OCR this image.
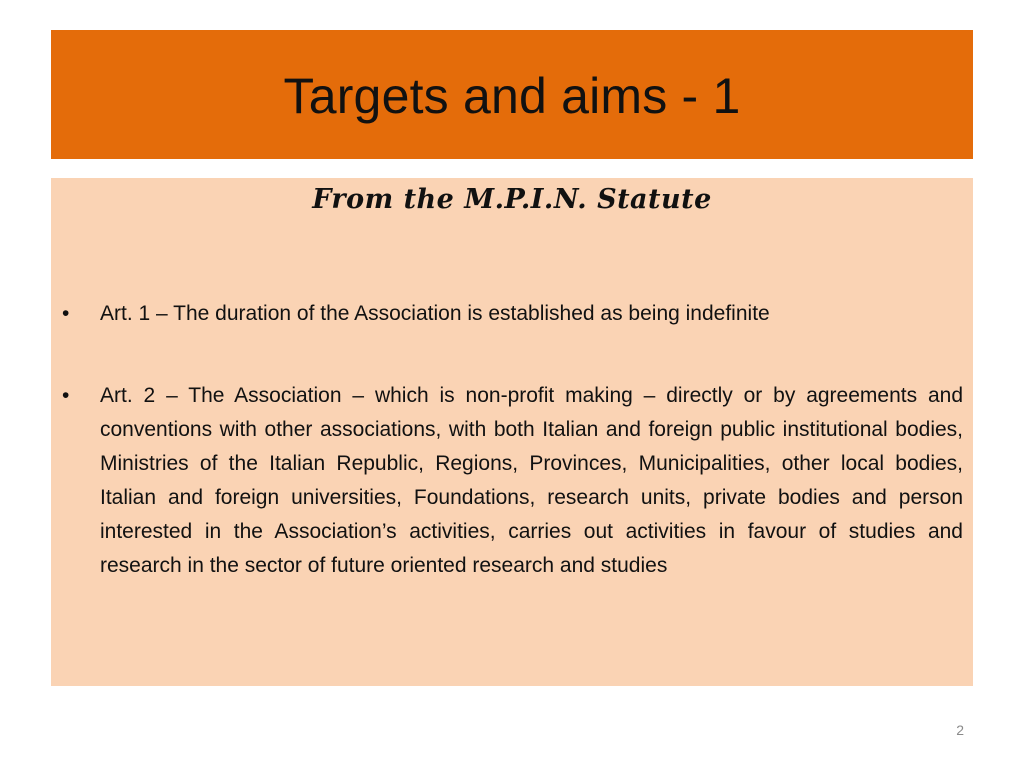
Targets and aims - 1
From the M.P.I.N. Statute
•	Art. 1 – The duration of the Association is established as being indefinite
•	Art. 2 – The Association – which is non-profit making – directly or by agreements and conventions with other associations, with both Italian and foreign public institutional bodies, Ministries of the Italian Republic, Regions, Provinces, Municipalities, other local bodies, Italian and foreign universities, Foundations, research units, private bodies and person interested in the Association’s activities, carries out activities in favour of studies and research in the sector of future oriented research and studies
2
